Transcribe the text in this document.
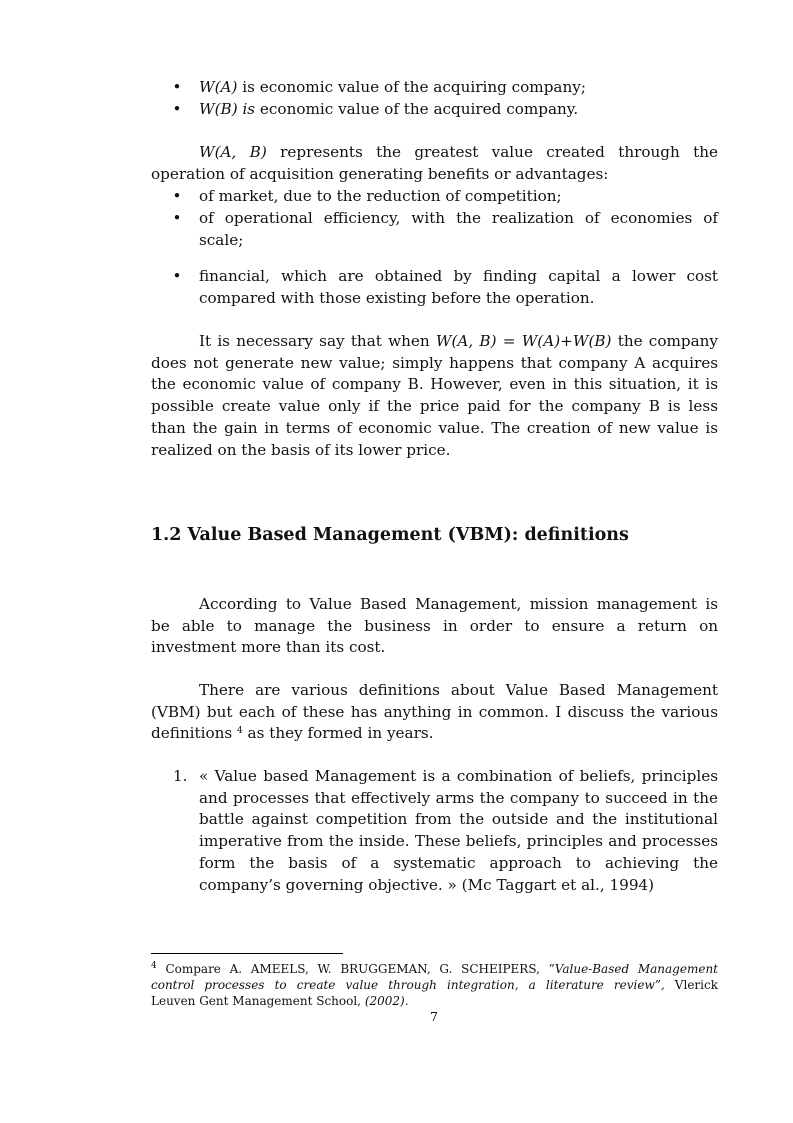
• W(A) is economic value of the acquiring company;
• W(B) is economic value of the acquired company.
W(A, B) represents the greatest value created through the
operation of acquisition generating benefits or advantages:
• of market, due to the reduction of competition;
• of operational efficiency, with the realization of economies of
scale;
• financial, which are obtained by finding capital a lower cost
compared with those existing before the operation.
It is necessary say that when W(A, B) = W(A)+W(B) the company
does not generate new value; simply happens that company A acquires
the economic value of company B. However, even in this situation, it is
possible create value only if the price paid for the company B is less
than the gain in terms of economic value. The creation of new value is
realized on the basis of its lower price.
1.2 Value Based Management (VBM): definitions
According to Value Based Management, mission management is
be able to manage the business in order to ensure a return on
investment more than its cost.
There are various definitions about Value Based Management
(VBM) but each of these has anything in common. I discuss the various
definitions $^4$ as they formed in years.
1. « Value based Management is a combination of beliefs, principles
and processes that effectively arms the company to succeed in the
battle against competition from the outside and the institutional
imperative from the inside. These beliefs, principles and processes
form the basis of a systematic approach to achieving the
company’s governing objective. » (Mc Taggart et al., 1994)
$^4$ Compare A. AMEELS, W. BRUGGEMAN, G. SCHEIPERS, ”Value-Based Management
control processes to create value through integration, a literature review”, Vlerick
Leuven Gent Management School, (2002).
7
